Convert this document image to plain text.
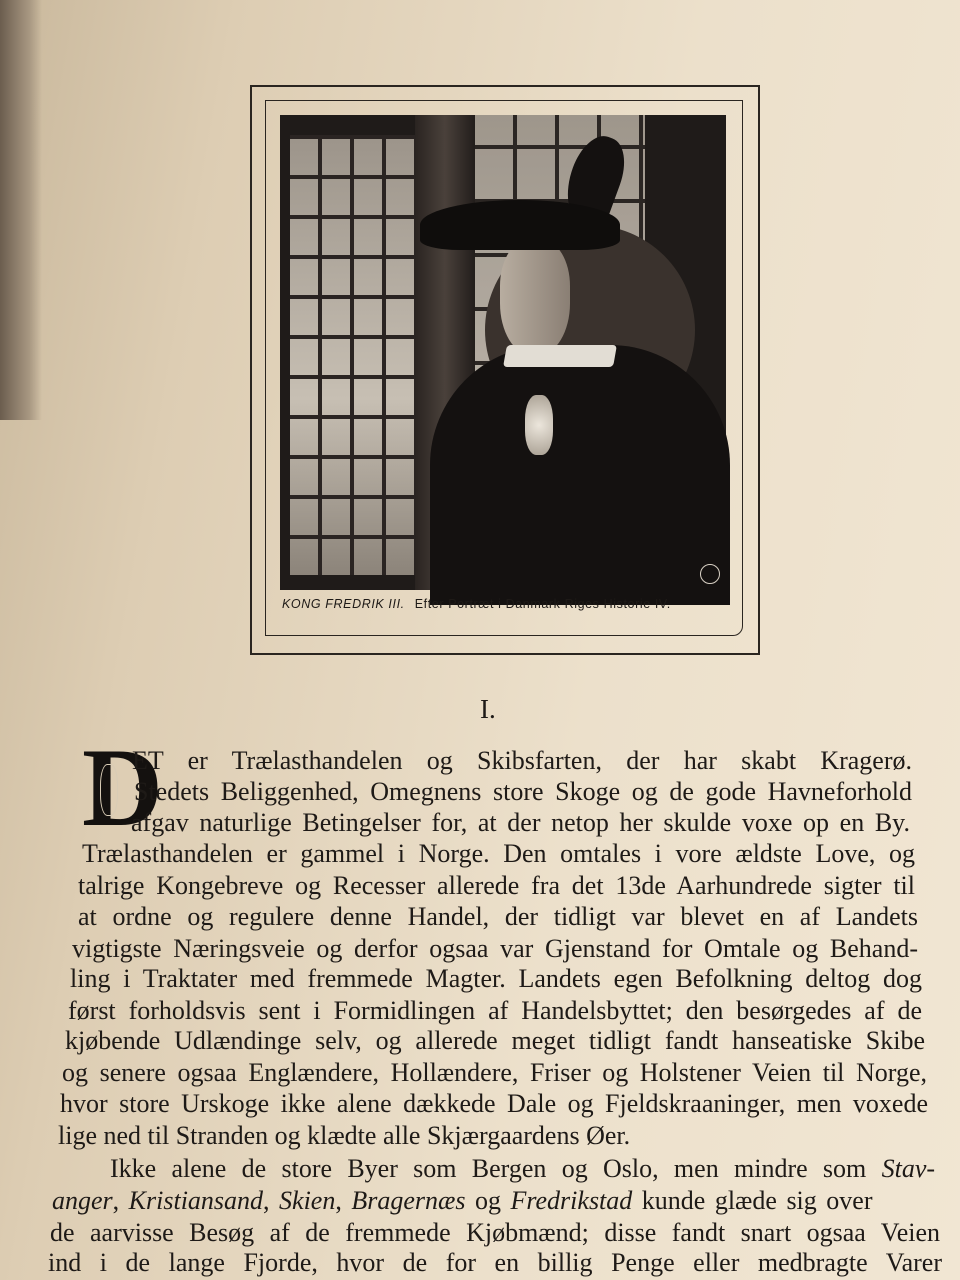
KONG FREDRIK III. Efter Portræt i Danmark Riges Historie IV.
I.
D
ET er Trælasthandelen og Skibsfarten, der har skabt Kragerø.
Stedets Beliggenhed, Omegnens store Skoge og de gode Havneforhold
afgav naturlige Betingelser for, at der netop her skulde voxe op en By.
Trælasthandelen er gammel i Norge. Den omtales i vore ældste Love, og
talrige Kongebreve og Recesser allerede fra det 13de Aarhundrede sigter til
at ordne og regulere denne Handel, der tidligt var blevet en af Landets
vigtigste Næringsveie og derfor ogsaa var Gjenstand for Omtale og Behand-
ling i Traktater med fremmede Magter. Landets egen Befolkning deltog dog
først forholdsvis sent i Formidlingen af Handelsbyttet; den besørgedes af de
kjøbende Udlændinge selv, og allerede meget tidligt fandt hanseatiske Skibe
og senere ogsaa Englændere, Hollændere, Friser og Holstener Veien til Norge,
hvor store Urskoge ikke alene dækkede Dale og Fjeldskraaninger, men voxede
lige ned til Stranden og klædte alle Skjærgaardens Øer.
Ikke alene de store Byer som Bergen og Oslo, men mindre som Stav-
anger, Kristiansand, Skien, Bragernæs og Fredrikstad kunde glæde sig over
de aarvisse Besøg af de fremmede Kjøbmænd; disse fandt snart ogsaa Veien
ind i de lange Fjorde, hvor de for en billig Penge eller medbragte Varer
